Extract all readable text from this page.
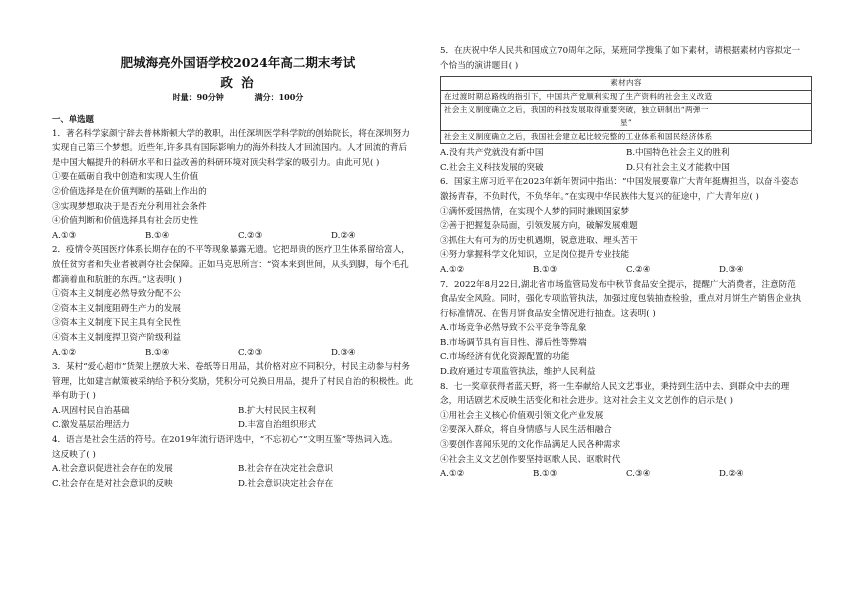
肥城海亮外国语学校2024年高二期末考试
政 治
时量：90分钟	满分：100分
一、单选题

1．著名科学家颜宁辞去普林斯顿大学的教职，出任深圳医学科学院的创始院长，将在深圳努力

实现自己第三个梦想。近些年,许多具有国际影响力的海外科技人才回流国内。人才回流的背后

是中国大幅提升的科研水平和日益改善的科研环境对顶尖科学家的吸引力。由此可见( )

①要在砥砺自我中创造和实现人生价值

②价值选择是在价值判断的基础上作出的

③实现梦想取决于是否充分利用社会条件

④价值判断和价值选择具有社会历史性

A.①③	B.①④	C.②③	D.②④

2．疫情令英国医疗体系长期存在的不平等现象暴露无遗。它把昂贵的医疗卫生体系留给富人，

放任贫穷者和失业者被剥夺社会保障。正如马克思所言：“资本来到世间，从头到脚，每个毛孔

都滴着血和肮脏的东西。”这表明( )

①资本主义制度必然导致分配不公

②资本主义制度阻碍生产力的发展

③资本主义制度下民主具有全民性

④资本主义制度捍卫资产阶级利益

A.①②	B.①④	C.②③	D.③④

3．某村“爱心超市”货架上摆放大米、卷纸等日用品，其价格对应不同积分，村民主动参与村务

管理，比如建言献策被采纳给予积分奖励，凭积分可兑换日用品，提升了村民自治的积极性。此

举有助于( )

A.巩固村民自治基础	B.扩大村民民主权利
C.激发基层治理活力	D.丰富自治组织形式

4．语言是社会生活的符号。在2019年流行语评选中，“不忘初心”“文明互鉴”等热词入选。

这反映了( )

A.社会意识促进社会存在的发展	B.社会存在决定社会意识
C.社会存在是对社会意识的反映	D.社会意识决定社会存在

5．在庆祝中华人民共和国成立70周年之际，某班同学搜集了如下素材，请根据素材内容拟定一

个恰当的演讲题目( )

素材内容
在过渡时期总路线的指引下，中国共产党顺利实现了生产资料的社会主义改造
社会主义制度确立之后，我国的科技发展取得重要突破，独立研制出“两弹一
星”
社会主义制度确立之后，我国社会建立起比较完整的工业体系和国民经济体系
A.没有共产党就没有新中国	B.中国特色社会主义的胜利
C.社会主义科技发展的突破	D.只有社会主义才能救中国

6．国家主席习近平在2023年新年贺词中指出：“中国发展要靠广大青年挺膺担当，以奋斗姿态

激扬青春，不负时代，不负华年。”在实现中华民族伟大复兴的征途中，广大青年应( )

①满怀爱国热情，在实现个人梦的同时兼顾国家梦

②善于把握复杂局面，引领发展方向，破解发展难题

③抓住大有可为的历史机遇期，锐意进取、埋头苦干

④努力掌握科学文化知识，立足岗位提升专业技能

A.①②	B.①③	C.②④	D.③④

7．2022年8月22日,湖北省市场监管局发布中秋节食品安全提示，提醒广大消费者，注意防范

食品安全风险。同时，强化专项监管执法，加强过度包装抽查检验，重点对月饼生产销售企业执

行标准情况、在售月饼食品安全情况进行抽查。这表明( )

A.市场竞争必然导致不公平竞争等乱象

B.市场调节具有盲目性、滞后性等弊端

C.市场经济有优化资源配置的功能

D.政府通过专项监管执法，维护人民利益

8．七一奖章获得者蓝天野，将一生奉献给人民文艺事业，秉持到生活中去、到群众中去的理

念，用话剧艺术反映生活变化和社会进步。这对社会主义文艺创作的启示是( )

①用社会主义核心价值观引领文化产业发展

②要深入群众，将自身情感与人民生活相融合

③要创作喜闻乐见的文化作品满足人民各种需求

④社会主义文艺创作要坚持讴歌人民、讴歌时代

A.①②	B.①③	C.③④	D.②④
